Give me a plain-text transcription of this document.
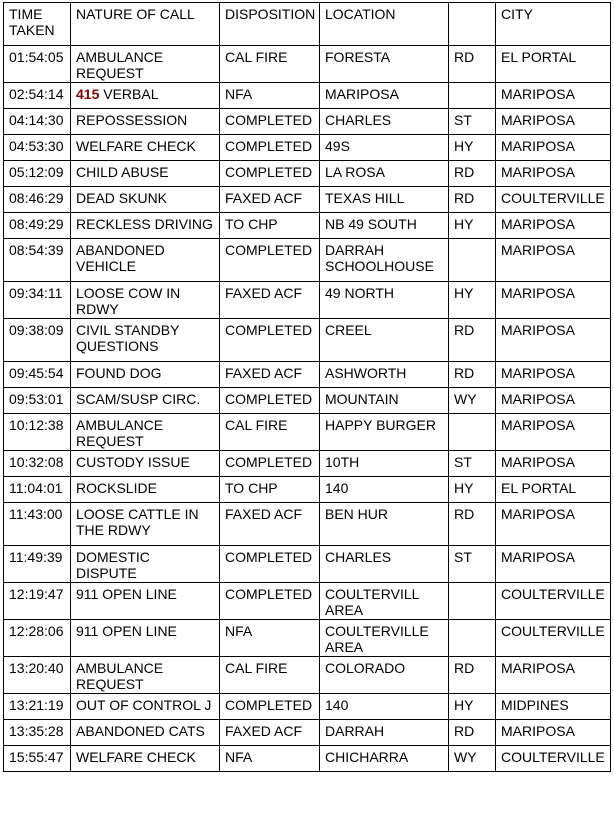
TIME TAKEN	NATURE OF CALL	DISPOSITION	LOCATION		CITY
01:54:05	AMBULANCE REQUEST	CAL FIRE	FORESTA	RD	EL PORTAL
02:54:14	415 VERBAL	NFA	MARIPOSA		MARIPOSA
04:14:30	REPOSSESSION	COMPLETED	CHARLES	ST	MARIPOSA
04:53:30	WELFARE CHECK	COMPLETED	49S	HY	MARIPOSA
05:12:09	CHILD ABUSE	COMPLETED	LA ROSA	RD	MARIPOSA
08:46:29	DEAD SKUNK	FAXED ACF	TEXAS HILL	RD	COULTERVILLE
08:49:29	RECKLESS DRIVING	TO CHP	NB 49 SOUTH	HY	MARIPOSA
08:54:39	ABANDONED VEHICLE	COMPLETED	DARRAH SCHOOLHOUSE		MARIPOSA
09:34:11	LOOSE COW IN RDWY	FAXED ACF	49 NORTH	HY	MARIPOSA
09:38:09	CIVIL STANDBY QUESTIONS	COMPLETED	CREEL	RD	MARIPOSA
09:45:54	FOUND DOG	FAXED ACF	ASHWORTH	RD	MARIPOSA
09:53:01	SCAM/SUSP CIRC.	COMPLETED	MOUNTAIN	WY	MARIPOSA
10:12:38	AMBULANCE REQUEST	CAL FIRE	HAPPY BURGER		MARIPOSA
10:32:08	CUSTODY ISSUE	COMPLETED	10TH	ST	MARIPOSA
11:04:01	ROCKSLIDE	TO CHP	140	HY	EL PORTAL
11:43:00	LOOSE CATTLE IN THE RDWY	FAXED ACF	BEN HUR	RD	MARIPOSA
11:49:39	DOMESTIC DISPUTE	COMPLETED	CHARLES	ST	MARIPOSA
12:19:47	911 OPEN LINE	COMPLETED	COULTERVILL AREA		COULTERVILLE
12:28:06	911 OPEN LINE	NFA	COULTERVILLE AREA		COULTERVILLE
13:20:40	AMBULANCE REQUEST	CAL FIRE	COLORADO	RD	MARIPOSA
13:21:19	OUT OF CONTROL J	COMPLETED	140	HY	MIDPINES
13:35:28	ABANDONED CATS	FAXED ACF	DARRAH	RD	MARIPOSA
15:55:47	WELFARE CHECK	NFA	CHICHARRA	WY	COULTERVILLE
